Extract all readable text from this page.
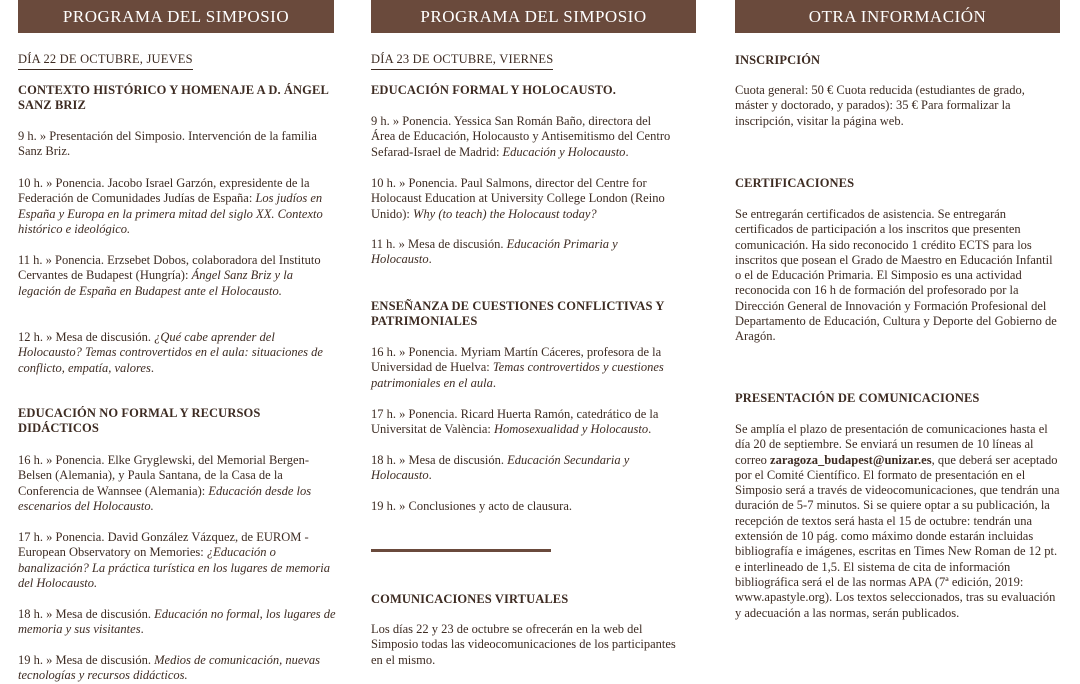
PROGRAMA DEL SIMPOSIO	PROGRAMA DEL SIMPOSIO	OTRA INFORMACIÓN
DÍA 22 DE OCTUBRE, JUEVES
CONTEXTO HISTÓRICO Y HOMENAJE A D. ÁNGEL SANZ BRIZ
9 h. » Presentación del Simposio. Intervención de la familia Sanz Briz.
10 h. » Ponencia. Jacobo Israel Garzón, expresidente de la Federación de Comunidades Judías de España: Los judíos en España y Europa en la primera mitad del siglo XX. Contexto histórico e ideológico.
11 h. » Ponencia. Erzsebet Dobos, colaboradora del Instituto Cervantes de Budapest (Hungría): Ángel Sanz Briz y la legación de España en Budapest ante el Holocausto.
12 h. » Mesa de discusión. ¿Qué cabe aprender del Holocausto? Temas controvertidos en el aula: situaciones de conflicto, empatía, valores.
EDUCACIÓN NO FORMAL Y RECURSOS DIDÁCTICOS
16 h. » Ponencia. Elke Gryglewski, del Memorial Bergen-Belsen (Alemania), y Paula Santana, de la Casa de la Conferencia de Wannsee (Alemania): Educación desde los escenarios del Holocausto.
17 h. » Ponencia. David González Vázquez, de EUROM - European Observatory on Memories: ¿Educación o banalización? La práctica turística en los lugares de memoria del Holocausto.
18 h. » Mesa de discusión. Educación no formal, los lugares de memoria y sus visitantes.
19 h. » Mesa de discusión. Medios de comunicación, nuevas tecnologías y recursos didácticos.
DÍA 23 DE OCTUBRE, VIERNES
EDUCACIÓN FORMAL Y HOLOCAUSTO.
9 h. » Ponencia. Yessica San Román Baño, directora del Área de Educación, Holocausto y Antisemitismo del Centro Sefarad-Israel de Madrid: Educación y Holocausto.
10 h. » Ponencia. Paul Salmons, director del Centre for Holocaust Education at University College London (Reino Unido): Why (to teach) the Holocaust today?
11 h. » Mesa de discusión. Educación Primaria y Holocausto.
ENSEÑANZA DE CUESTIONES CONFLICTIVAS Y PATRIMONIALES
16 h. » Ponencia. Myriam Martín Cáceres, profesora de la Universidad de Huelva: Temas controvertidos y cuestiones patrimoniales en el aula.
17 h. » Ponencia. Ricard Huerta Ramón, catedrático de la Universitat de València: Homosexualidad y Holocausto.
18 h. » Mesa de discusión. Educación Secundaria y Holocausto.
19 h. » Conclusiones y acto de clausura.
COMUNICACIONES VIRTUALES
Los días 22 y 23 de octubre se ofrecerán en la web del Simposio todas las videocomunicaciones de los participantes en el mismo.
INSCRIPCIÓN
Cuota general: 50 € Cuota reducida (estudiantes de grado, máster y doctorado, y parados): 35 € Para formalizar la inscripción, visitar la página web.
CERTIFICACIONES
Se entregarán certificados de asistencia. Se entregarán certificados de participación a los inscritos que presenten comunicación. Ha sido reconocido 1 crédito ECTS para los inscritos que posean el Grado de Maestro en Educación Infantil o el de Educación Primaria. El Simposio es una actividad reconocida con 16 h de formación del profesorado por la Dirección General de Innovación y Formación Profesional del Departamento de Educación, Cultura y Deporte del Gobierno de Aragón.
PRESENTACIÓN DE COMUNICACIONES
Se amplía el plazo de presentación de comunicaciones hasta el día 20 de septiembre. Se enviará un resumen de 10 líneas al correo zaragoza_budapest@unizar.es, que deberá ser aceptado por el Comité Científico. El formato de presentación en el Simposio será a través de videocomunicaciones, que tendrán una duración de 5-7 minutos. Si se quiere optar a su publicación, la recepción de textos será hasta el 15 de octubre: tendrán una extensión de 10 pág. como máximo donde estarán incluidas bibliografía e imágenes, escritas en Times New Roman de 12 pt. e interlineado de 1,5. El sistema de cita de información bibliográfica será el de las normas APA (7ª edición, 2019: www.apastyle.org). Los textos seleccionados, tras su evaluación y adecuación a las normas, serán publicados.
